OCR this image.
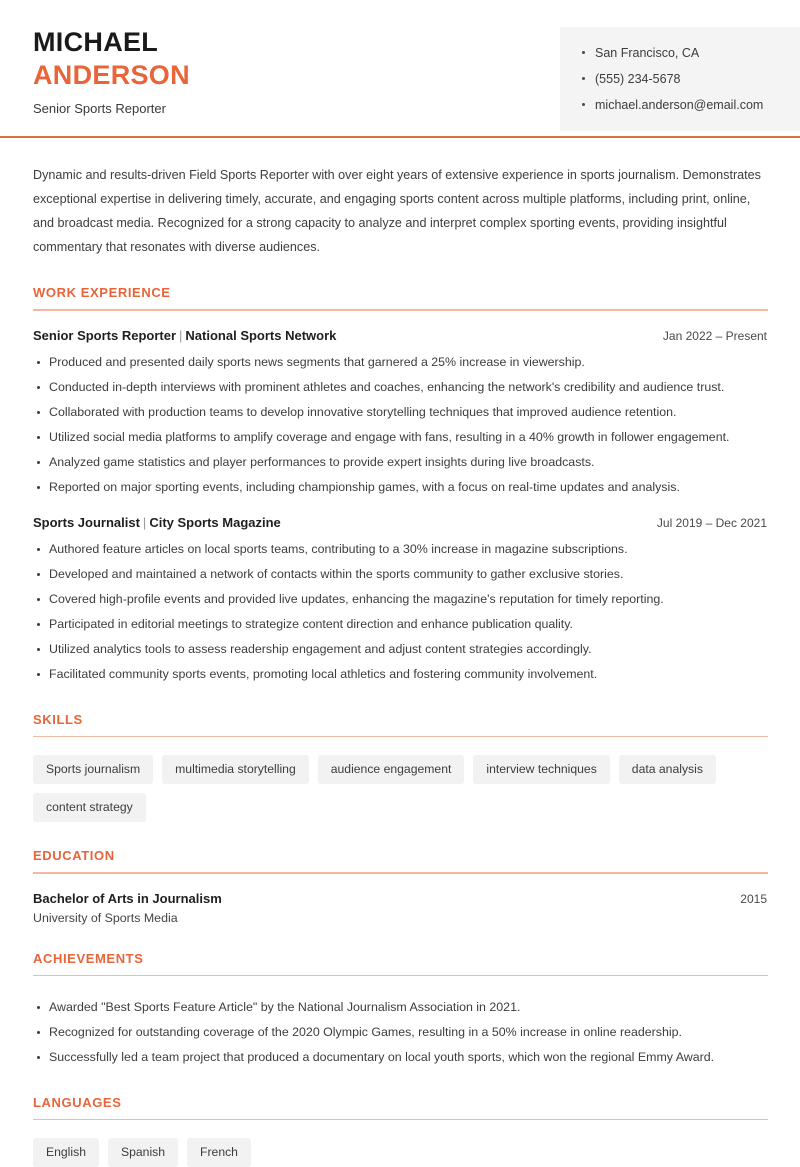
San Francisco, CA
(555) 234-5678
michael.anderson@email.com
MICHAEL
ANDERSON
Senior Sports Reporter

Dynamic and results-driven Field Sports Reporter with over eight years of extensive experience in sports journalism. Demonstrates exceptional expertise in delivering timely, accurate, and engaging sports content across multiple platforms, including print, online, and broadcast media. Recognized for a strong capacity to analyze and interpret complex sporting events, providing insightful commentary that resonates with diverse audiences.

WORK EXPERIENCE
Senior Sports Reporter | National Sports Network	Jan 2022 – Present
Produced and presented daily sports news segments that garnered a 25% increase in viewership.
Conducted in-depth interviews with prominent athletes and coaches, enhancing the network's credibility and audience trust.
Collaborated with production teams to develop innovative storytelling techniques that improved audience retention.
Utilized social media platforms to amplify coverage and engage with fans, resulting in a 40% growth in follower engagement.
Analyzed game statistics and player performances to provide expert insights during live broadcasts.
Reported on major sporting events, including championship games, with a focus on real-time updates and analysis.
Sports Journalist | City Sports Magazine	Jul 2019 – Dec 2021
Authored feature articles on local sports teams, contributing to a 30% increase in magazine subscriptions.
Developed and maintained a network of contacts within the sports community to gather exclusive stories.
Covered high-profile events and provided live updates, enhancing the magazine's reputation for timely reporting.
Participated in editorial meetings to strategize content direction and enhance publication quality.
Utilized analytics tools to assess readership engagement and adjust content strategies accordingly.
Facilitated community sports events, promoting local athletics and fostering community involvement.
SKILLS
Sports journalism	multimedia storytelling	audience engagement	interview techniques	data analysis
content strategy
EDUCATION
Bachelor of Arts in Journalism	2015
University of Sports Media
ACHIEVEMENTS
Awarded "Best Sports Feature Article" by the National Journalism Association in 2021.
Recognized for outstanding coverage of the 2020 Olympic Games, resulting in a 50% increase in online readership.
Successfully led a team project that produced a documentary on local youth sports, which won the regional Emmy Award.
LANGUAGES
English	Spanish	French
